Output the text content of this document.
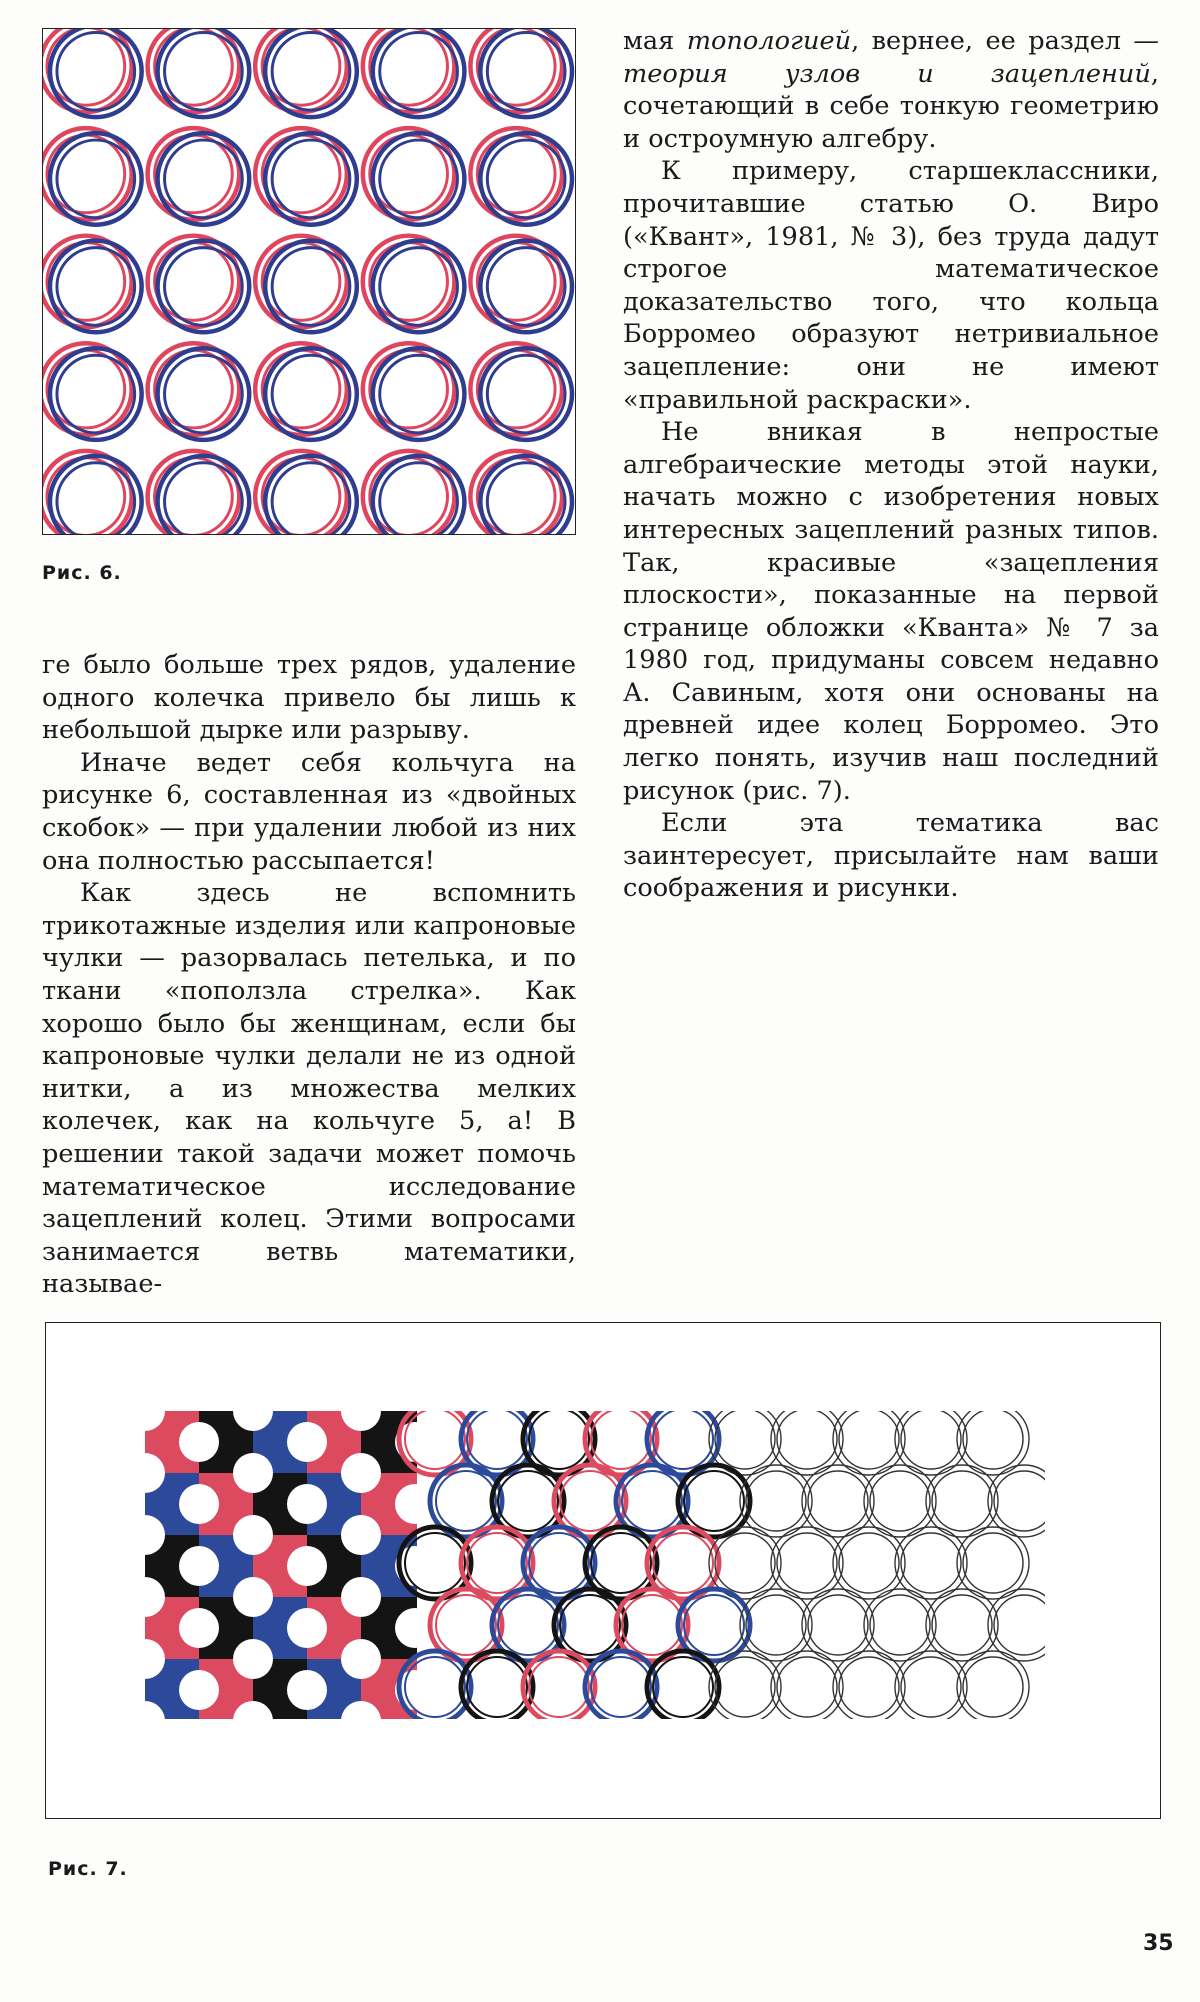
Рис. 6.

ге было больше трех рядов, удаление одного колечка привело бы лишь к небольшой дырке или разрыву.

Иначе ведет себя кольчуга на рисунке 6, составленная из «двойных скобок» — при удалении любой из них она полностью рассыпается!

Как здесь не вспомнить трикотажные изделия или капроновые чулки — разорвалась петелька, и по ткани «поползла стрелка». Как хорошо было бы женщинам, если бы капроновые чулки делали не из одной нитки, а из множества мелких колечек, как на кольчуге 5, а! В решении такой задачи может помочь математическое исследование зацеплений колец. Этими вопросами занимается ветвь математики, называе-

мая топологией, вернее, ее раздел — теория узлов и зацеплений, сочетающий в себе тонкую геометрию и остроумную алгебру.

К примеру, старшеклассники, прочитавшие статью О. Виро («Квант», 1981, № 3), без труда дадут строгое математическое доказательство того, что кольца Борромео образуют нетривиальное зацепление: они не имеют «правильной раскраски».

Не вникая в непростые алгебраические методы этой науки, начать можно с изобретения новых интересных зацеплений разных типов. Так, красивые «зацепления плоскости», показанные на первой странице обложки «Кванта» № 7 за 1980 год, придуманы совсем недавно А. Савиным, хотя они основаны на древней идее колец Борромео. Это легко понять, изучив наш последний рисунок (рис. 7).

Если эта тематика вас заинтересует, присылайте нам ваши соображения и рисунки.

Рис. 7.
35
